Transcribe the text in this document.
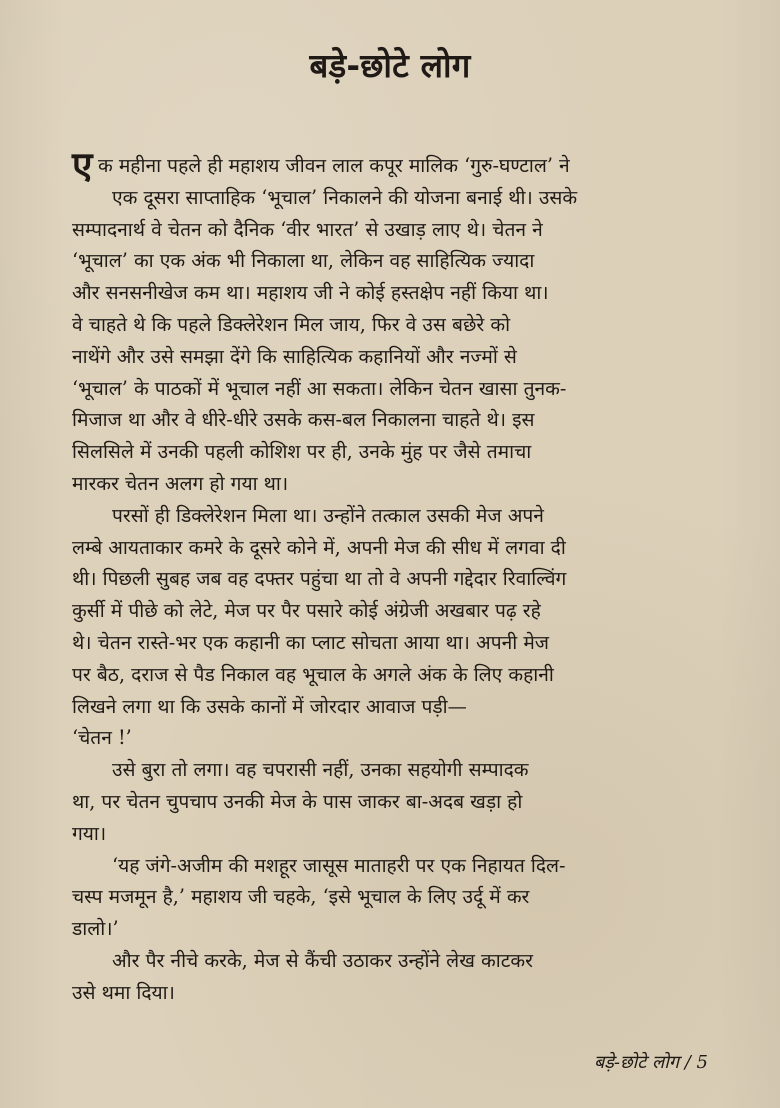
बड़े-छोटे लोग
ए क महीना पहले ही महाशय जीवन लाल कपूर मालिक ‘गुरु-घण्टाल’ ने
एक दूसरा साप्ताहिक ‘भूचाल’ निकालने की योजना बनाई थी। उसके
सम्पादनार्थ वे चेतन को दैनिक ‘वीर भारत’ से उखाड़ लाए थे। चेतन ने
‘भूचाल’ का एक अंक भी निकाला था, लेकिन वह साहित्यिक ज्यादा
और सनसनीखेज कम था। महाशय जी ने कोई हस्तक्षेप नहीं किया था।
वे चाहते थे कि पहले डिक्लेरेशन मिल जाय, फिर वे उस बछेरे को
नाथेंगे और उसे समझा देंगे कि साहित्यिक कहानियों और नज्मों से
‘भूचाल’ के पाठकों में भूचाल नहीं आ सकता। लेकिन चेतन खासा तुनक-
मिजाज था और वे धीरे-धीरे उसके कस-बल निकालना चाहते थे। इस
सिलसिले में उनकी पहली कोशिश पर ही, उनके मुंह पर जैसे तमाचा
मारकर चेतन अलग हो गया था।
परसों ही डिक्लेरेशन मिला था। उन्होंने तत्काल उसकी मेज अपने
लम्बे आयताकार कमरे के दूसरे कोने में, अपनी मेज की सीध में लगवा दी
थी। पिछली सुबह जब वह दफ्तर पहुंचा था तो वे अपनी गद्देदार रिवाल्विंग
कुर्सी में पीछे को लेटे, मेज पर पैर पसारे कोई अंग्रेजी अखबार पढ़ रहे
थे। चेतन रास्ते-भर एक कहानी का प्लाट सोचता आया था। अपनी मेज
पर बैठ, दराज से पैड निकाल वह भूचाल के अगले अंक के लिए कहानी
लिखने लगा था कि उसके कानों में जोरदार आवाज पड़ी—
‘चेतन !’
उसे बुरा तो लगा। वह चपरासी नहीं, उनका सहयोगी सम्पादक
था, पर चेतन चुपचाप उनकी मेज के पास जाकर बा-अदब खड़ा हो
गया।
‘यह जंगे-अजीम की मशहूर जासूस माताहरी पर एक निहायत दिल-
चस्प मजमून है,’ महाशय जी चहके, ‘इसे भूचाल के लिए उर्दू में कर
डालो।’
और पैर नीचे करके, मेज से कैंची उठाकर उन्होंने लेख काटकर
उसे थमा दिया।
बड़े-छोटे लोग / 5
